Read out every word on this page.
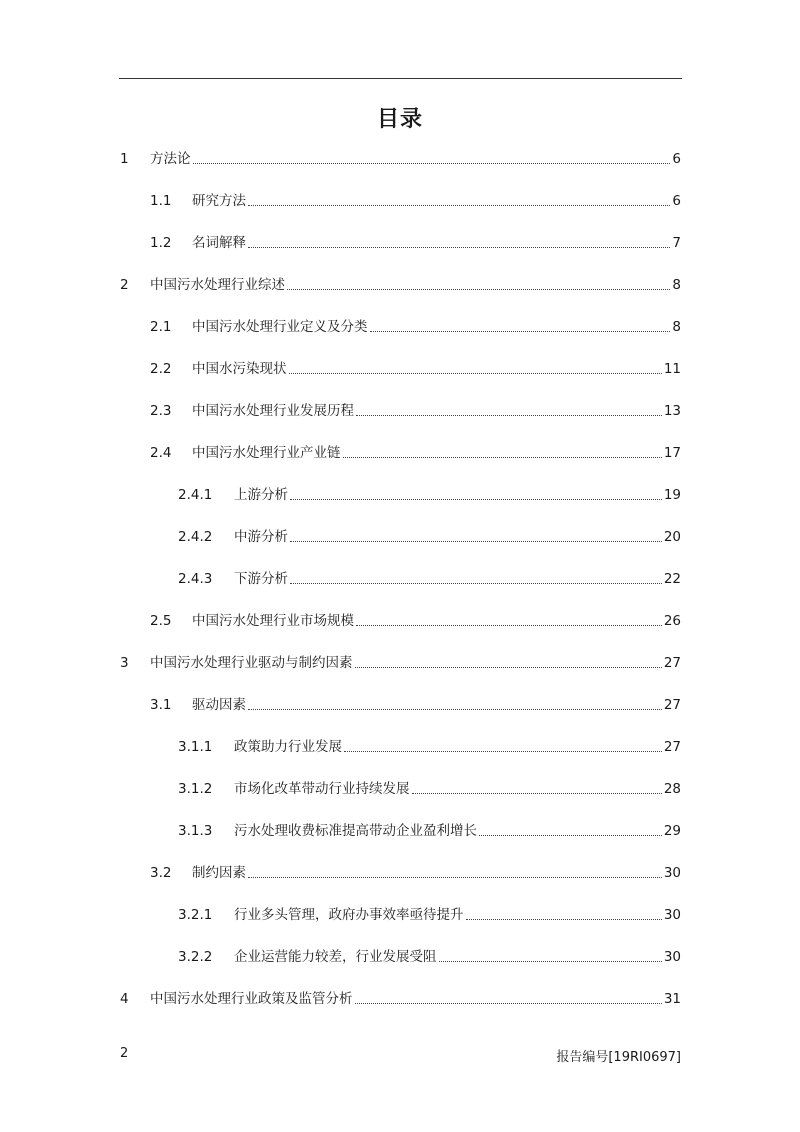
目录
1 方法论	6
1.1 研究方法	6
1.2 名词解释	7
2 中国污水处理行业综述	8
2.1 中国污水处理行业定义及分类	8
2.2 中国水污染现状	11
2.3 中国污水处理行业发展历程	13
2.4 中国污水处理行业产业链	17
2.4.1 上游分析	19
2.4.2 中游分析	20
2.4.3 下游分析	22
2.5 中国污水处理行业市场规模	26
3 中国污水处理行业驱动与制约因素	27
3.1 驱动因素	27
3.1.1 政策助力行业发展	27
3.1.2 市场化改革带动行业持续发展	28
3.1.3 污水处理收费标准提高带动企业盈利增长	29
3.2 制约因素	30
3.2.1 行业多头管理，政府办事效率亟待提升	30
3.2.2 企业运营能力较差，行业发展受阻	30
4 中国污水处理行业政策及监管分析	31
2	报告编号[19RI0697]
